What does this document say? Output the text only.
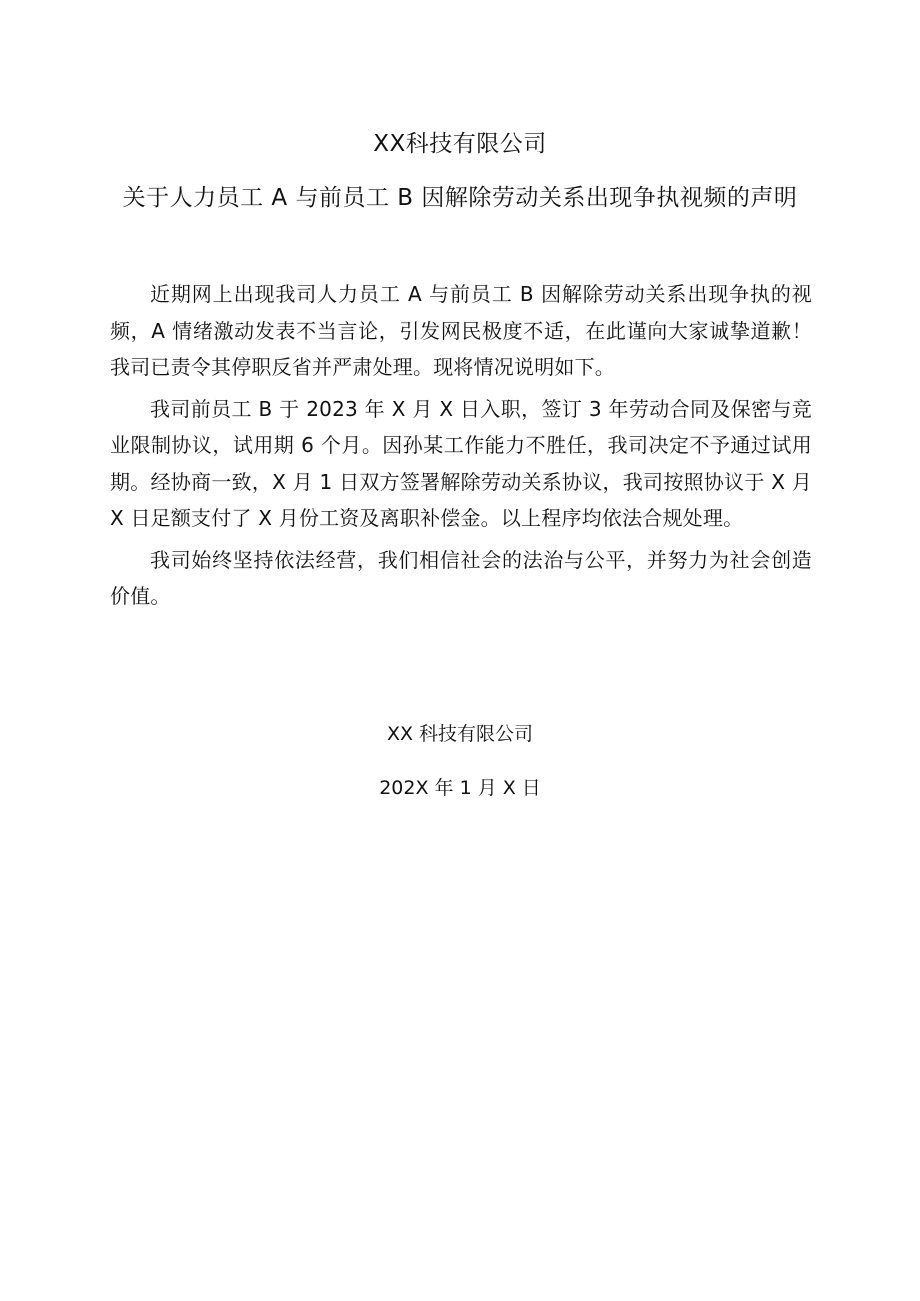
XX科技有限公司
关于人力员工 A 与前员工 B 因解除劳动关系出现争执视频的声明

近期网上出现我司人力员工 A 与前员工 B 因解除劳动关系出现争执的视频，A 情绪激动发表不当言论，引发网民极度不适，在此谨向大家诚挚道歉！我司已责令其停职反省并严肃处理。现将情况说明如下。

我司前员工 B 于 2023 年 X 月 X 日入职，签订 3 年劳动合同及保密与竞业限制协议，试用期 6 个月。因孙某工作能力不胜任，我司决定不予通过试用期。经协商一致，X 月 1 日双方签署解除劳动关系协议，我司按照协议于 X 月 X 日足额支付了 X 月份工资及离职补偿金。以上程序均依法合规处理。

我司始终坚持依法经营，我们相信社会的法治与公平，并努力为社会创造价值。

XX 科技有限公司
202X 年 1 月 X 日
